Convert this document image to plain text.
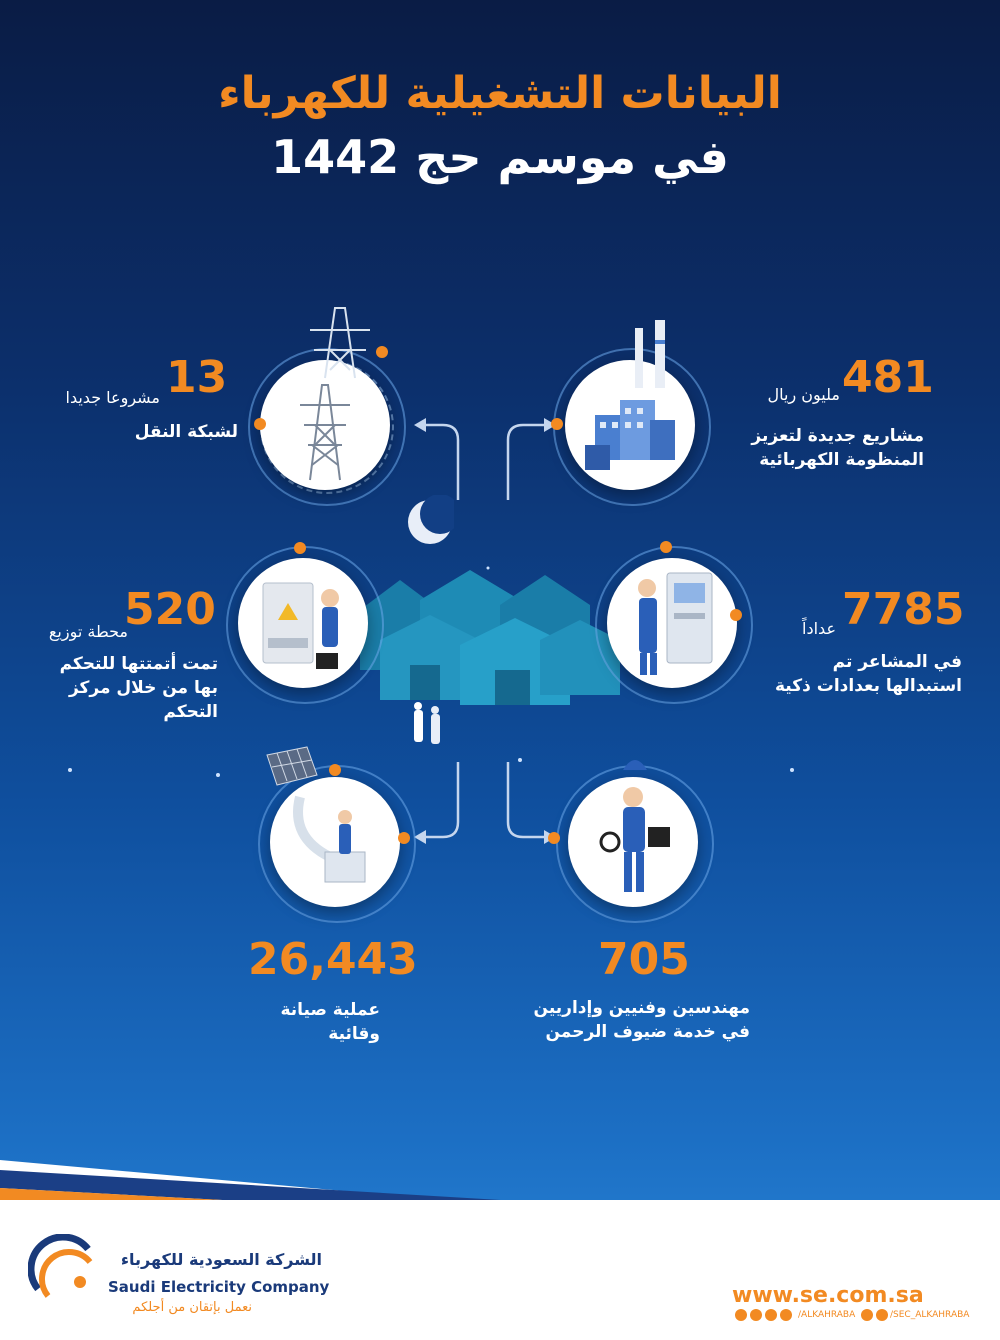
البيانات التشغيلية للكهرباء
في موسم حج 1442
13
مشروعا جديدا
لشبكة النقل
481
مليون ريال
مشاريع جديدة لتعزيز
المنظومة الكهربائية
520
محطة توزيع
تمت أتمتتها للتحكم
بها من خلال مركز
التحكم
7785
عداداً
في المشاعر تم
استبدالها بعدادات ذكية
26,443
عملية صيانة
وقائية
705
مهندسين وفنيين وإداريين
في خدمة ضيوف الرحمن
الشركة السعودية للكهرباء
Saudi Electricity Company
نعمل بإتقان من أجلكم	www.se.com.sa
/ALKAHRABA	/SEC_ALKAHRABA
